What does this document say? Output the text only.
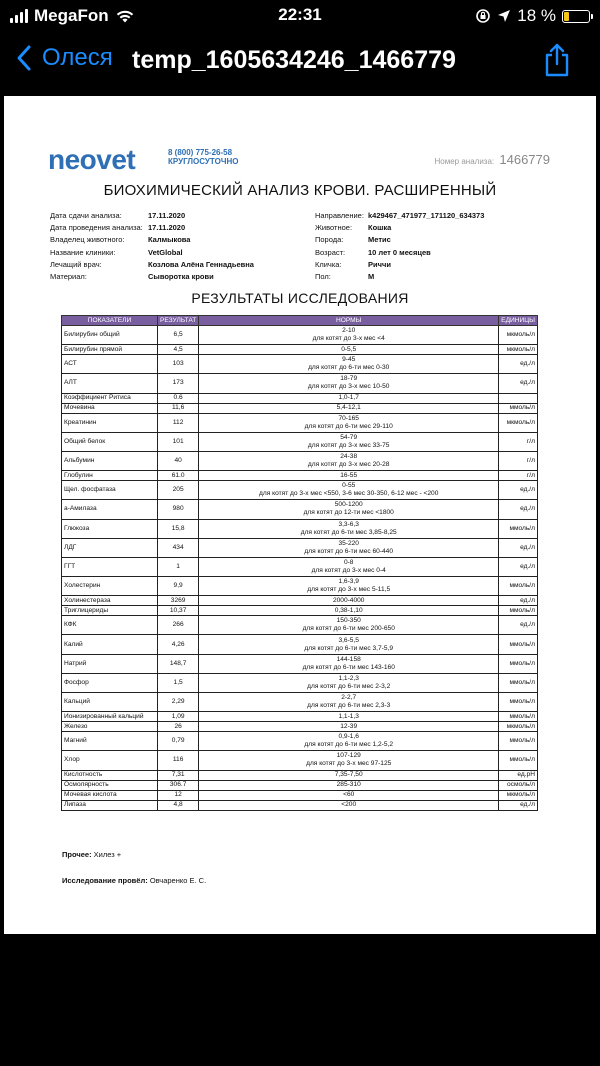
MegaFon	22:31	18 %
Олеся temp_1605634246_1466779
neovet	8 (800) 775-26-58
КРУГЛОСУТОЧНО	Номер анализа: 1466779
БИОХИМИЧЕСКИЙ АНАЛИЗ КРОВИ. РАСШИРЕННЫЙ
Дата сдачи анализа:	17.11.2020
Дата проведения анализа: 17.11.2020
Владелец животного:	Калмыкова
Название клиники:	VetGlobal
Лечащий врач:	Козлова Алёна Геннадьевна
Материал:	Сыворотка крови
Направление: k429467_471977_171120_634373
Животное:	Кошка
Порода:	Метис
Возраст:	10 лет 0 месяцев
Кличка:	Риччи
Пол:	М
РЕЗУЛЬТАТЫ ИССЛЕДОВАНИЯ
ПОКАЗАТЕЛИ	РЕЗУЛЬТАТ	НОРМЫ	ЕДИНИЦЫ
Билирубин общий	6,5	2-10
для котят до 3-х мес <4	мкмоль/л
Билирубин прямой	4,5	0-5,5	мкмоль/л
АСТ	103	9-45
для котят до 6-ти мес 0-30	ед./л
АЛТ	173	18-79
для котят до 3-х мес 10-50	ед./л
Коэффициент Ритиса	0.6	1,0-1,7	

Мочевина	11,6	5,4-12,1	ммоль/л
Креатинин	112	70-165
для котят до 6-ти мес 29-110	мкмоль/л
Общий белок	101	54-79
для котят до 3-х мес 33-75	г/л
Альбумин	40	24-38
для котят до 3-х мес 20-28	г/л
Глобулин	61.0	16-55	г/л
Щел. фосфатаза	205	0-55
для котят до 3-х мес <550, 3-6 мес 30-350, 6-12 мес - <200	ед./л
а-Амилаза	980	500-1200
для котят до 12-ти мес <1800	ед./л
Глюкоза	15,8	3,3-6,3
для котят до 6-ти мес 3,85-8,25	ммоль/л
ЛДГ	434	35-220
для котят до 6-ти мес 60-440	ед./л
ГГТ	1	0-8
для котят до 3-х мес 0-4	ед./л
Холестерин	9,9	1,6-3,9
для котят до 3-х мес 5-11,5	ммоль/л
Холинестераза	3269	2000-4000	ед./л
Триглицериды	10,37	0,38-1,10	ммоль/л
КФК	266	150-350
для котят до 6-ти мес 200-650	ед./л
Калий	4,26	3,6-5,5
для котят до 6-ти мес 3,7-5,9	ммоль/л
Натрий	148,7	144-158
для котят до 6-ти мес 143-160	ммоль/л
Фосфор	1,5	1,1-2,3
для котят до 6-ти мес 2-3,2	ммоль/л
Кальций	2,29	2-2,7
для котят до 6-ти мес 2,3-3	ммоль/л
Ионизированный кальций	1,09	1,1-1,3	ммоль/л
Железо	26	12-39	мкмоль/л
Магний	0,79	0,9-1,6
для котят до 6-ти мес 1,2-5,2	ммоль/л
Хлор	116	107-129
для котят до 3-х мес 97-125	ммоль/л
Кислотность	7,31	7,35-7,50	ед.pH
Осмолярность	306.7	285-310	осмоль/л
Мочевая кислота	12	<60	мкмоль/л
Липаза	4,8	<200	ед./л
Прочее: Хилез +
Исследование провёл: Овчаренко Е. С.
